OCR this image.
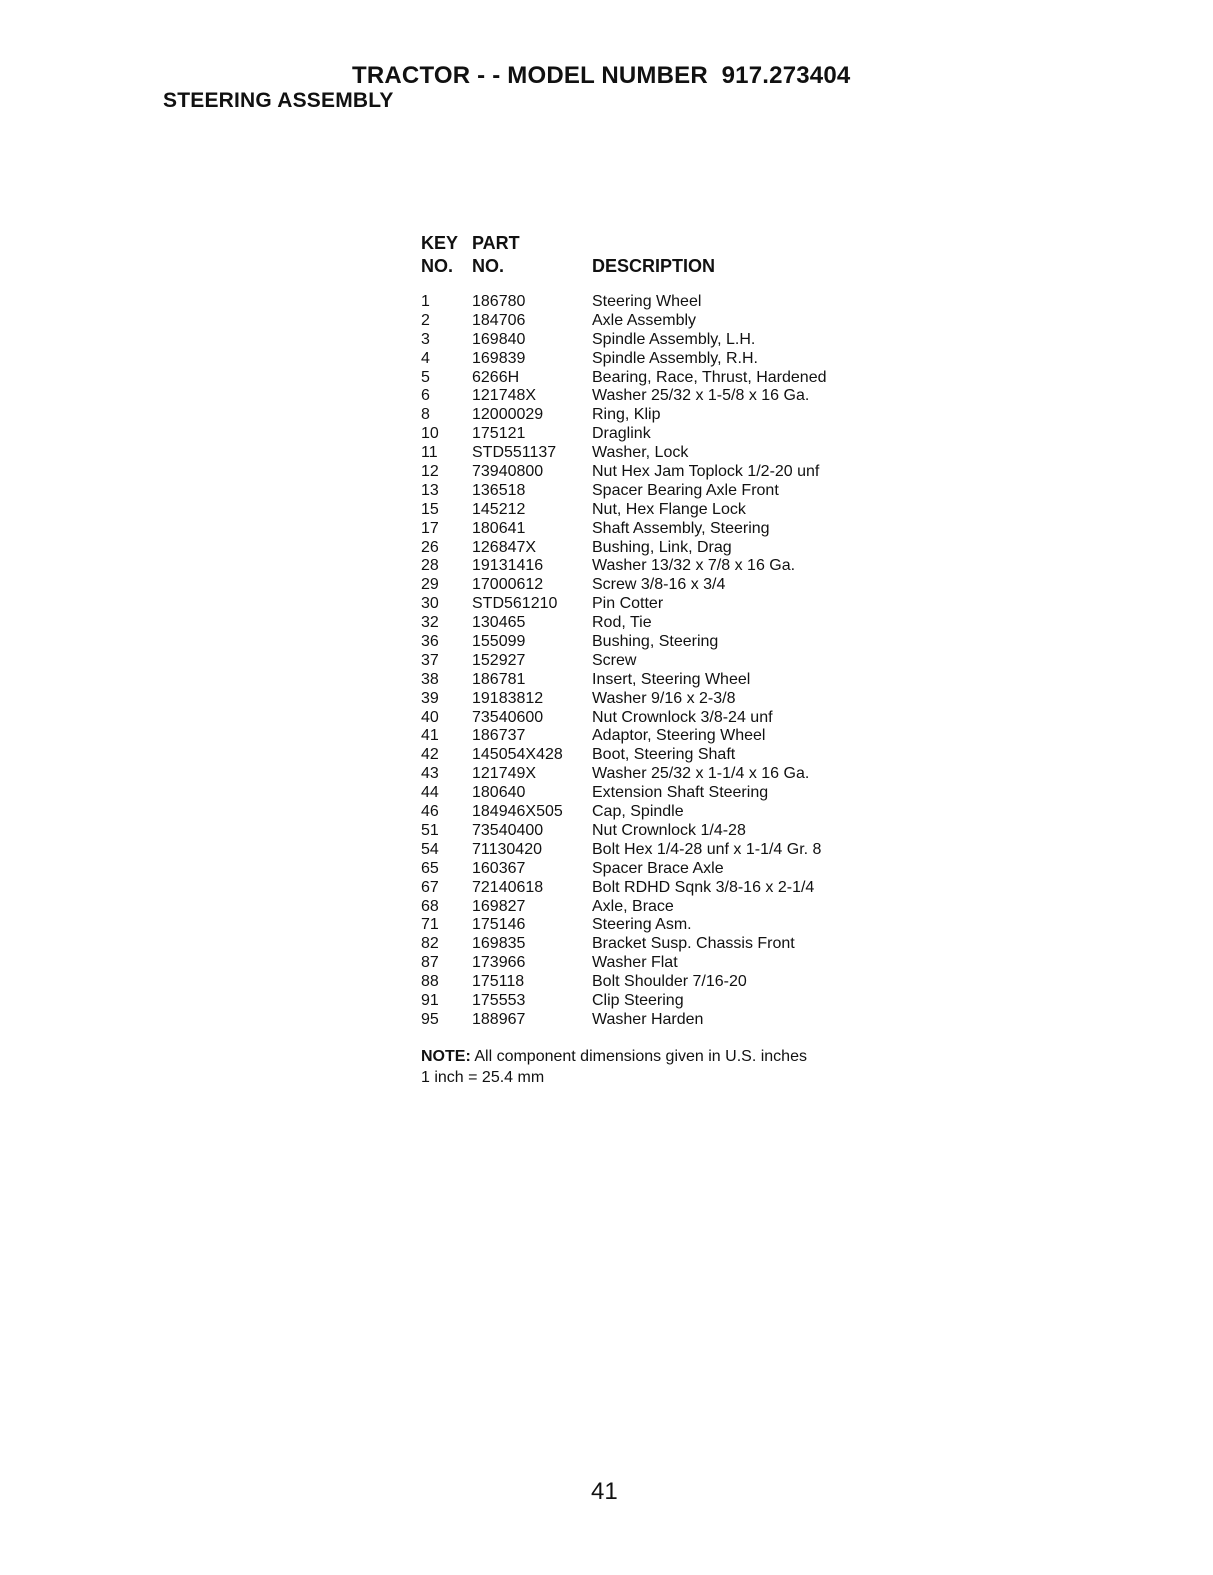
TRACTOR - - MODEL NUMBER  917.273404
STEERING ASSEMBLY
KEY
NO.
PART
NO.	DESCRIPTION
1	186780	Steering Wheel
2	184706	Axle Assembly
3	169840	Spindle Assembly, L.H.
4	169839	Spindle Assembly, R.H.
5	6266H	Bearing, Race, Thrust, Hardened
6	121748X	Washer 25/32 x 1-5/8 x 16 Ga.
8	12000029	Ring, Klip
10 175121	Draglink
11 STD551137 Washer, Lock
12 73940800	Nut Hex Jam Toplock 1/2-20 unf
13 136518	Spacer Bearing Axle Front
15 145212	Nut, Hex Flange Lock
17 180641	Shaft Assembly, Steering
26 126847X	Bushing, Link, Drag
28 19131416	Washer 13/32 x 7/8 x 16 Ga.
29 17000612	Screw 3/8-16 x 3/4
30 STD561210 Pin Cotter
32 130465	Rod, Tie
36 155099	Bushing, Steering
37 152927	Screw
38 186781	Insert, Steering Wheel
39 19183812	Washer 9/16 x 2-3/8
40 73540600	Nut Crownlock 3/8-24 unf
41 186737	Adaptor, Steering Wheel
42 145054X428 Boot, Steering Shaft
43 121749X	Washer 25/32 x 1-1/4 x 16 Ga.
44 180640	Extension Shaft Steering
46 184946X505 Cap, Spindle
51 73540400	Nut Crownlock 1/4-28
54 71130420	Bolt Hex 1/4-28 unf x 1-1/4 Gr. 8
65 160367	Spacer Brace Axle
67 72140618	Bolt RDHD Sqnk 3/8-16 x 2-1/4
68 169827	Axle, Brace
71 175146	Steering Asm.
82 169835	Bracket Susp. Chassis Front
87 173966	Washer Flat
88 175118	Bolt Shoulder 7/16-20
91 175553	Clip Steering
95 188967	Washer Harden
NOTE: All component dimensions given in U.S. inches
1 inch = 25.4 mm
41
